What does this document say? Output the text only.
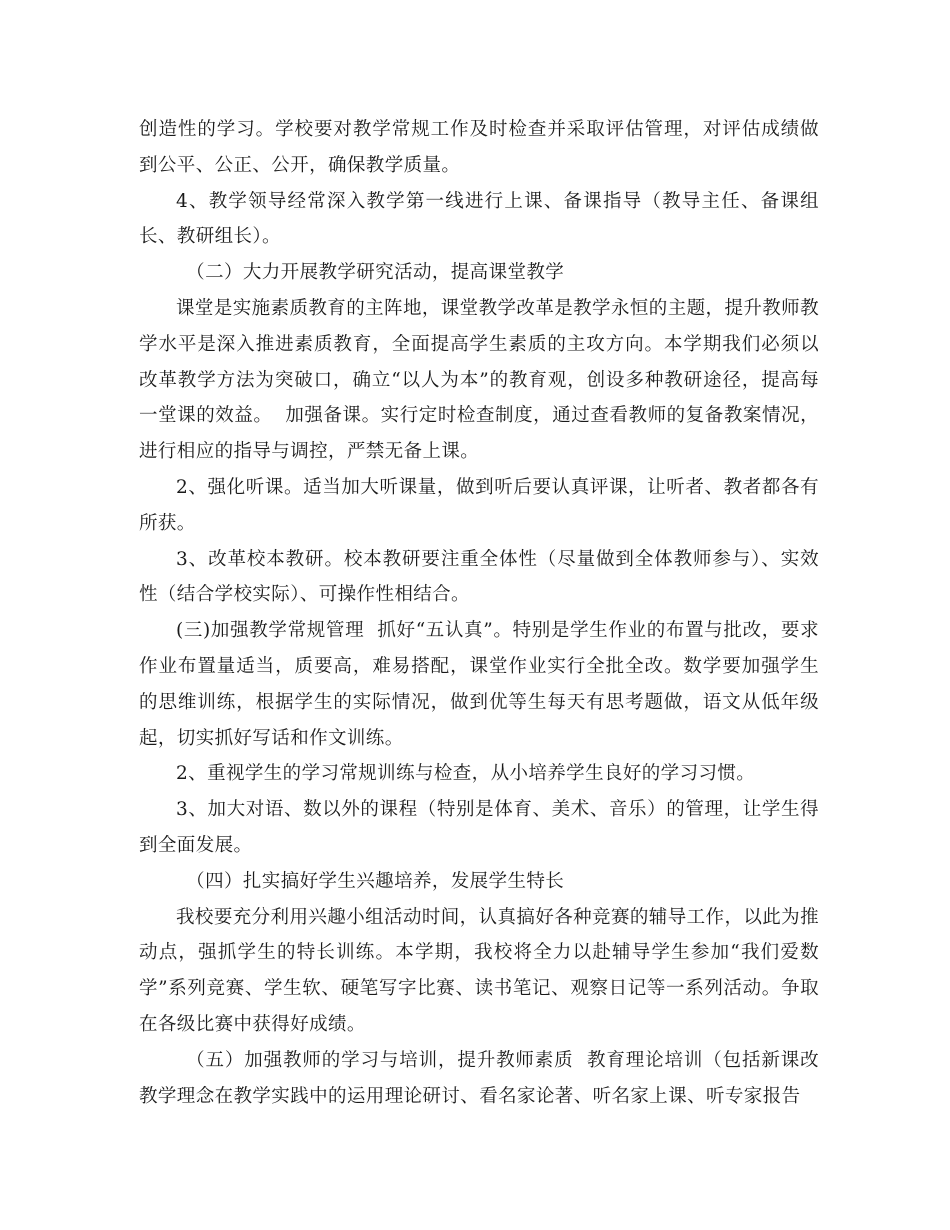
创造性的学习。学校要对教学常规工作及时检查并采取评估管理，对评估成绩做到公平、公正、公开，确保教学质量。

4、教学领导经常深入教学第一线进行上课、备课指导（教导主任、备课组长、教研组长）。

（二）大力开展教学研究活动，提高课堂教学

课堂是实施素质教育的主阵地，课堂教学改革是教学永恒的主题，提升教师教学水平是深入推进素质教育，全面提高学生素质的主攻方向。本学期我们必须以改革教学方法为突破口，确立“以人为本”的教育观，创设多种教研途径，提高每一堂课的效益。  加强备课。实行定时检查制度，通过查看教师的复备教案情况，进行相应的指导与调控，严禁无备上课。

2、强化听课。适当加大听课量，做到听后要认真评课，让听者、教者都各有所获。

3、改革校本教研。校本教研要注重全体性（尽量做到全体教师参与）、实效性（结合学校实际）、可操作性相结合。

(三)加强教学常规管理  抓好“五认真”。特别是学生作业的布置与批改，要求作业布置量适当，质要高，难易搭配，课堂作业实行全批全改。数学要加强学生的思维训练，根据学生的实际情况，做到优等生每天有思考题做，语文从低年级起，切实抓好写话和作文训练。

2、重视学生的学习常规训练与检查，从小培养学生良好的学习习惯。

3、加大对语、数以外的课程（特别是体育、美术、音乐）的管理，让学生得到全面发展。

（四）扎实搞好学生兴趣培养，发展学生特长

我校要充分利用兴趣小组活动时间，认真搞好各种竞赛的辅导工作，以此为推动点，强抓学生的特长训练。本学期，我校将全力以赴辅导学生参加“我们爱数学”系列竞赛、学生软、硬笔写字比赛、读书笔记、观察日记等一系列活动。争取在各级比赛中获得好成绩。

（五）加强教师的学习与培训，提升教师素质  教育理论培训（包括新课改教学理念在教学实践中的运用理论研讨、看名家论著、听名家上课、听专家报告
